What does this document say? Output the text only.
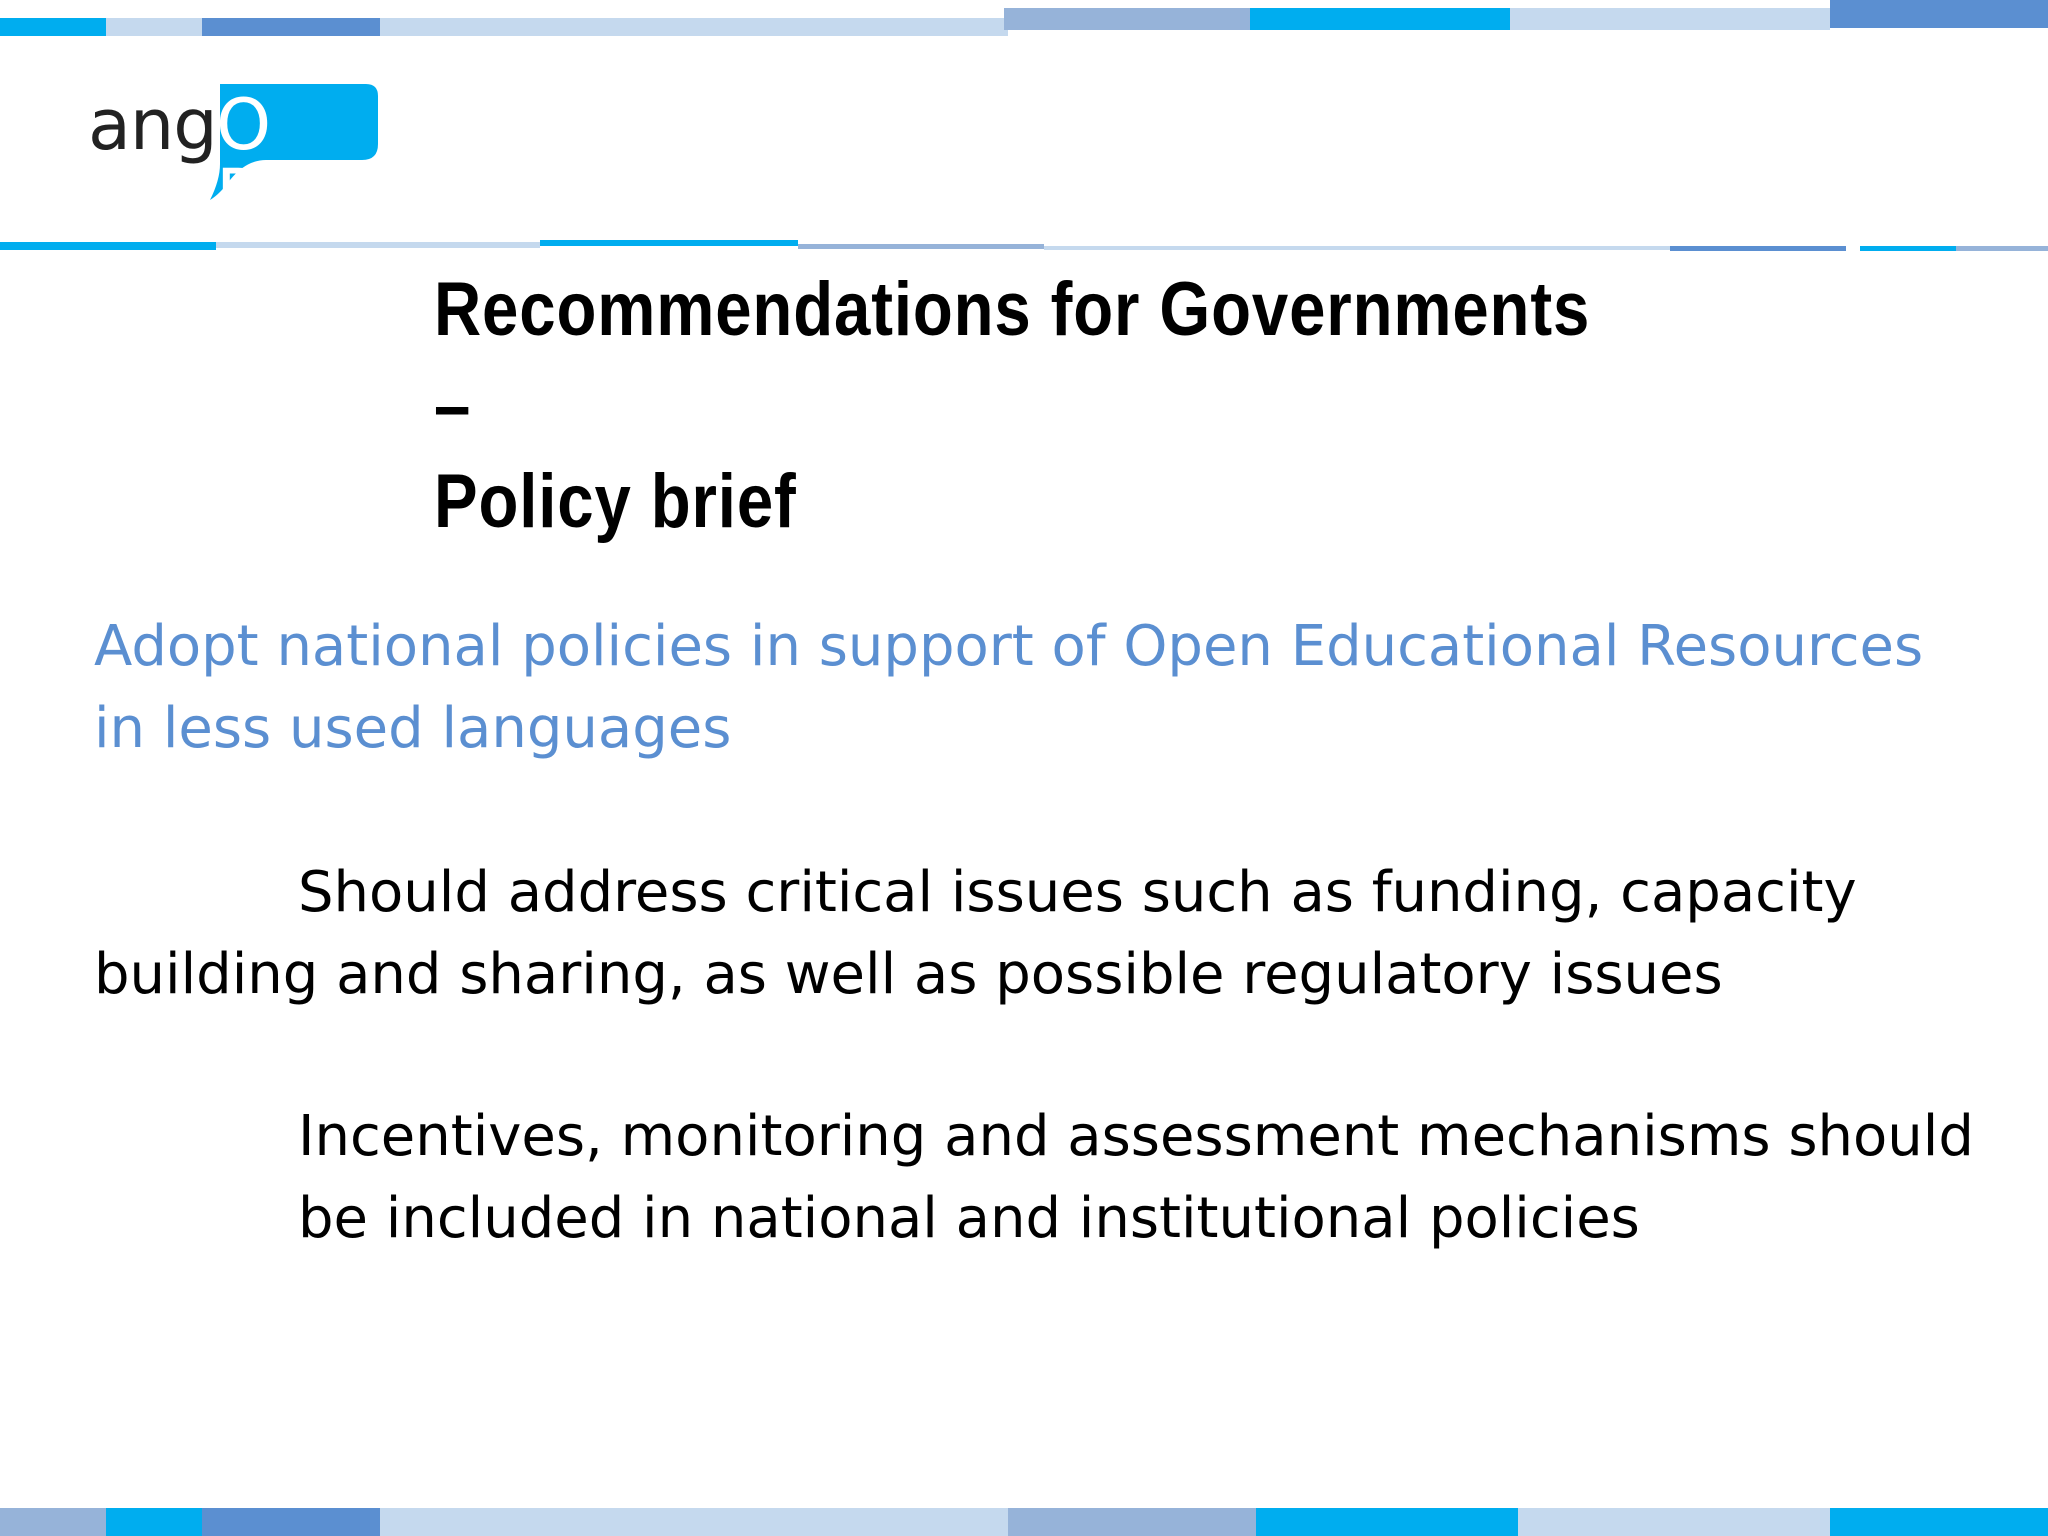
ang O R
Recommendations for Governments –
Policy brief

Adopt national policies in support of Open Educational Resources in less used languages

Should address critical issues such as funding, capacity building and sharing, as well as possible regulatory issues

Incentives, monitoring and assessment mechanisms should be included in national and institutional policies
